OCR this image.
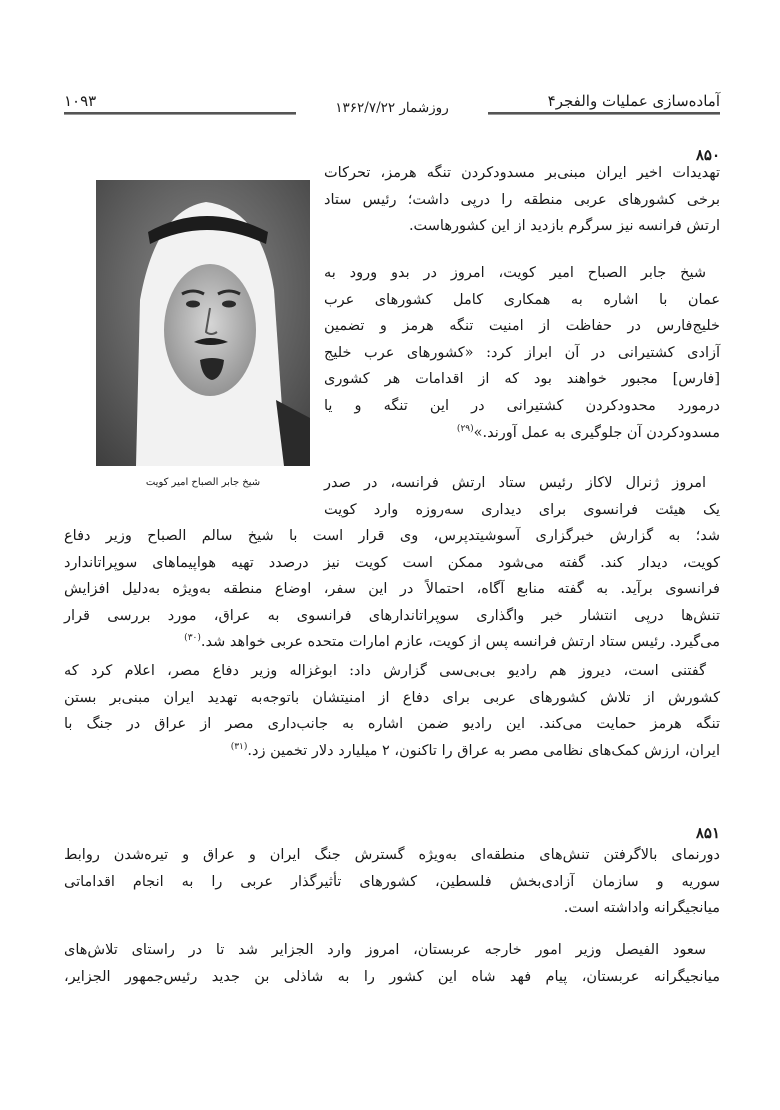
آماده‌سازی عملیات والفجر۴
۱۰۹۳	روزشمار ۱۳۶۲/۷/۲۲
۸۵۰
شیخ جابر الصباح امیر کویت
تهدیدات اخیر ایران مبنی‌بر مسدودکردن تنگه هرمز، تحرکات
برخی کشورهای عربی منطقه را درپی داشت؛ رئیس ستاد
ارتش فرانسه نیز سرگرم بازدید از این کشورهاست.
شیخ جابر الصباح امیر کویت، امروز در بدو ورود به
عمان با اشاره به همکاری کامل کشورهای عرب
خلیج‌فارس در حفاظت از امنیت تنگه هرمز و تضمین
آزادی کشتیرانی در آن ابراز کرد: «کشورهای عرب خلیج
[فارس] مجبور خواهند بود که از اقدامات هر کشوری
درمورد محدودکردن کشتیرانی در این تنگه و یا
مسدودکردن آن جلوگیری به عمل آورند.»$^{(۲۹)}$
امروز ژنرال لاکاز رئیس ستاد ارتش فرانسه، در صدر
یک هیئت فرانسوی برای دیداری سه‌روزه وارد کویت
شد؛ به گزارش خبرگزاری آسوشیتدپرس، وی قرار است با شیخ سالم الصباح وزیر دفاع
کویت، دیدار کند. گفته می‌شود ممکن است کویت نیز درصدد تهیه هواپیماهای سوپراتاندارد
فرانسوی برآید. به گفته منابع آگاه، احتمالاً در این سفر، اوضاع منطقه به‌ویژه به‌دلیل افزایش
تنش‌ها درپی انتشار خبر واگذاری سوپراتاندارهای فرانسوی به عراق، مورد بررسی قرار
می‌گیرد. رئیس ستاد ارتش فرانسه پس از کویت، عازم امارات متحده عربی خواهد شد.$^{(۳۰)}$
گفتنی است، دیروز هم رادیو بی‌بی‌سی گزارش داد: ابوغزاله وزیر دفاع مصر، اعلام کرد که
کشورش از تلاش کشورهای عربی برای دفاع از امنیتشان باتوجه‌به تهدید ایران مبنی‌بر بستن
تنگه هرمز حمایت می‌کند. این رادیو ضمن اشاره به جانب‌داری مصر از عراق در جنگ با
ایران، ارزش کمک‌های نظامی مصر به عراق را تاکنون، ۲ میلیارد دلار تخمین زد.$^{(۳۱)}$
۸۵۱
دورنمای بالاگرفتن تنش‌های منطقه‌ای به‌ویژه گسترش جنگ ایران و عراق و تیره‌شدن روابط
سوریه و سازمان آزادی‌بخش فلسطین، کشورهای تأثیرگذار عربی را به انجام اقداماتی
میانجیگرانه واداشته است.
سعود الفیصل وزیر امور خارجه عربستان، امروز وارد الجزایر شد تا در راستای تلاش‌های
میانجیگرانه عربستان، پیام فهد شاه این کشور را به شاذلی بن جدید رئیس‌جمهور الجزایر،
